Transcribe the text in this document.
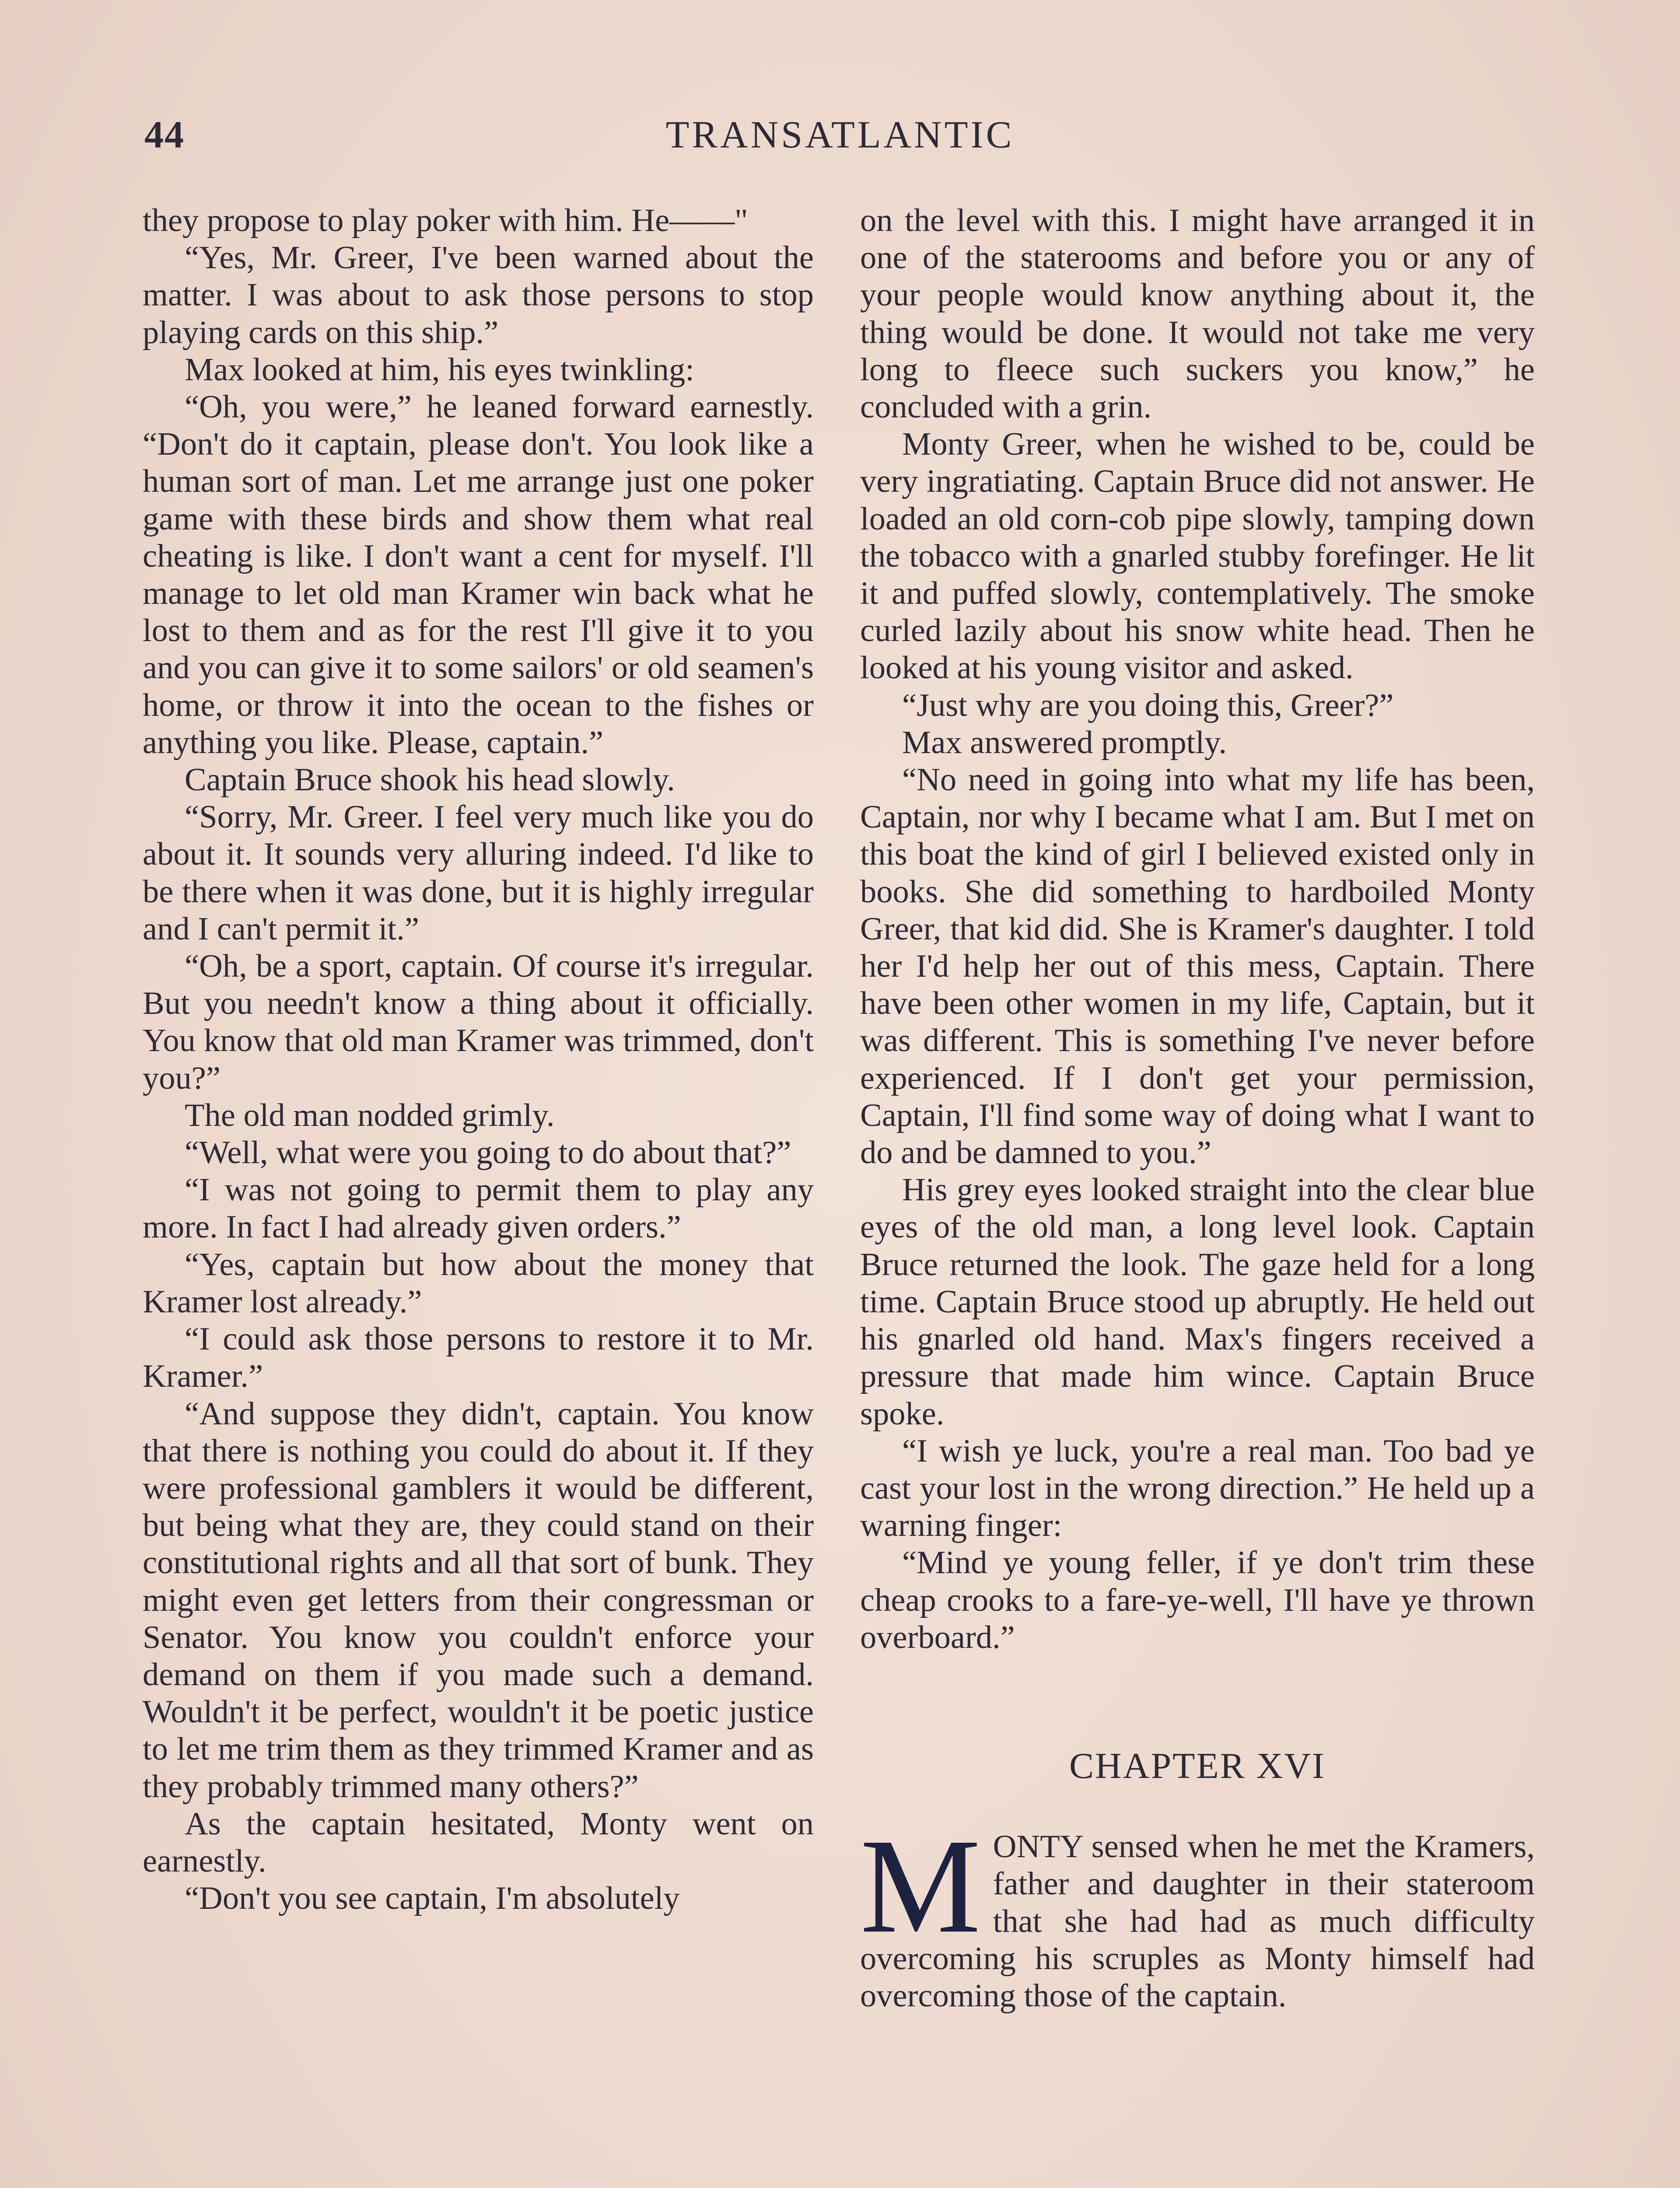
44	TRANSATLANTIC

they propose to play poker with him. He——"

“Yes, Mr. Greer, I've been warned about the matter. I was about to ask those persons to stop playing cards on this ship.”

Max looked at him, his eyes twinkling:

“Oh, you were,” he leaned forward earnestly. “Don't do it captain, please don't. You look like a human sort of man. Let me arrange just one poker game with these birds and show them what real cheating is like. I don't want a cent for myself. I'll manage to let old man Kramer win back what he lost to them and as for the rest I'll give it to you and you can give it to some sailors' or old seamen's home, or throw it into the ocean to the fishes or anything you like. Please, captain.”

Captain Bruce shook his head slowly.

“Sorry, Mr. Greer. I feel very much like you do about it. It sounds very alluring indeed. I'd like to be there when it was done, but it is highly irregular and I can't permit it.”

“Oh, be a sport, captain. Of course it's irregular. But you needn't know a thing about it officially. You know that old man Kramer was trimmed, don't you?”

The old man nodded grimly.

“Well, what were you going to do about that?”

“I was not going to permit them to play any more. In fact I had already given orders.”

“Yes, captain but how about the money that Kramer lost already.”

“I could ask those persons to restore it to Mr. Kramer.”

“And suppose they didn't, captain. You know that there is nothing you could do about it. If they were professional gamblers it would be different, but being what they are, they could stand on their constitutional rights and all that sort of bunk. They might even get letters from their congressman or Senator. You know you couldn't enforce your demand on them if you made such a demand. Wouldn't it be perfect, wouldn't it be poetic justice to let me trim them as they trimmed Kramer and as they probably trimmed many others?”

As the captain hesitated, Monty went on earnestly.

“Don't you see captain, I'm absolutely

on the level with this. I might have arranged it in one of the staterooms and before you or any of your people would know anything about it, the thing would be done. It would not take me very long to fleece such suckers you know,” he concluded with a grin.

Monty Greer, when he wished to be, could be very ingratiating. Captain Bruce did not answer. He loaded an old corn-cob pipe slowly, tamping down the tobacco with a gnarled stubby forefinger. He lit it and puffed slowly, contemplatively. The smoke curled lazily about his snow white head. Then he looked at his young visitor and asked.

“Just why are you doing this, Greer?”

Max answered promptly.

“No need in going into what my life has been, Captain, nor why I became what I am. But I met on this boat the kind of girl I believed existed only in books. She did something to hardboiled Monty Greer, that kid did. She is Kramer's daughter. I told her I'd help her out of this mess, Captain. There have been other women in my life, Captain, but it was different. This is something I've never before experienced. If I don't get your permission, Captain, I'll find some way of doing what I want to do and be damned to you.”

His grey eyes looked straight into the clear blue eyes of the old man, a long level look. Captain Bruce returned the look. The gaze held for a long time. Captain Bruce stood up abruptly. He held out his gnarled old hand. Max's fingers received a pressure that made him wince. Captain Bruce spoke.

“I wish ye luck, you're a real man. Too bad ye cast your lost in the wrong direction.” He held up a warning finger:

“Mind ye young feller, if ye don't trim these cheap crooks to a fare-ye-well, I'll have ye thrown overboard.”

CHAPTER XVI

MONTY sensed when he met the Kramers, father and daughter in their stateroom that she had had as much difficulty overcoming his scruples as Monty himself had overcoming those of the captain.
